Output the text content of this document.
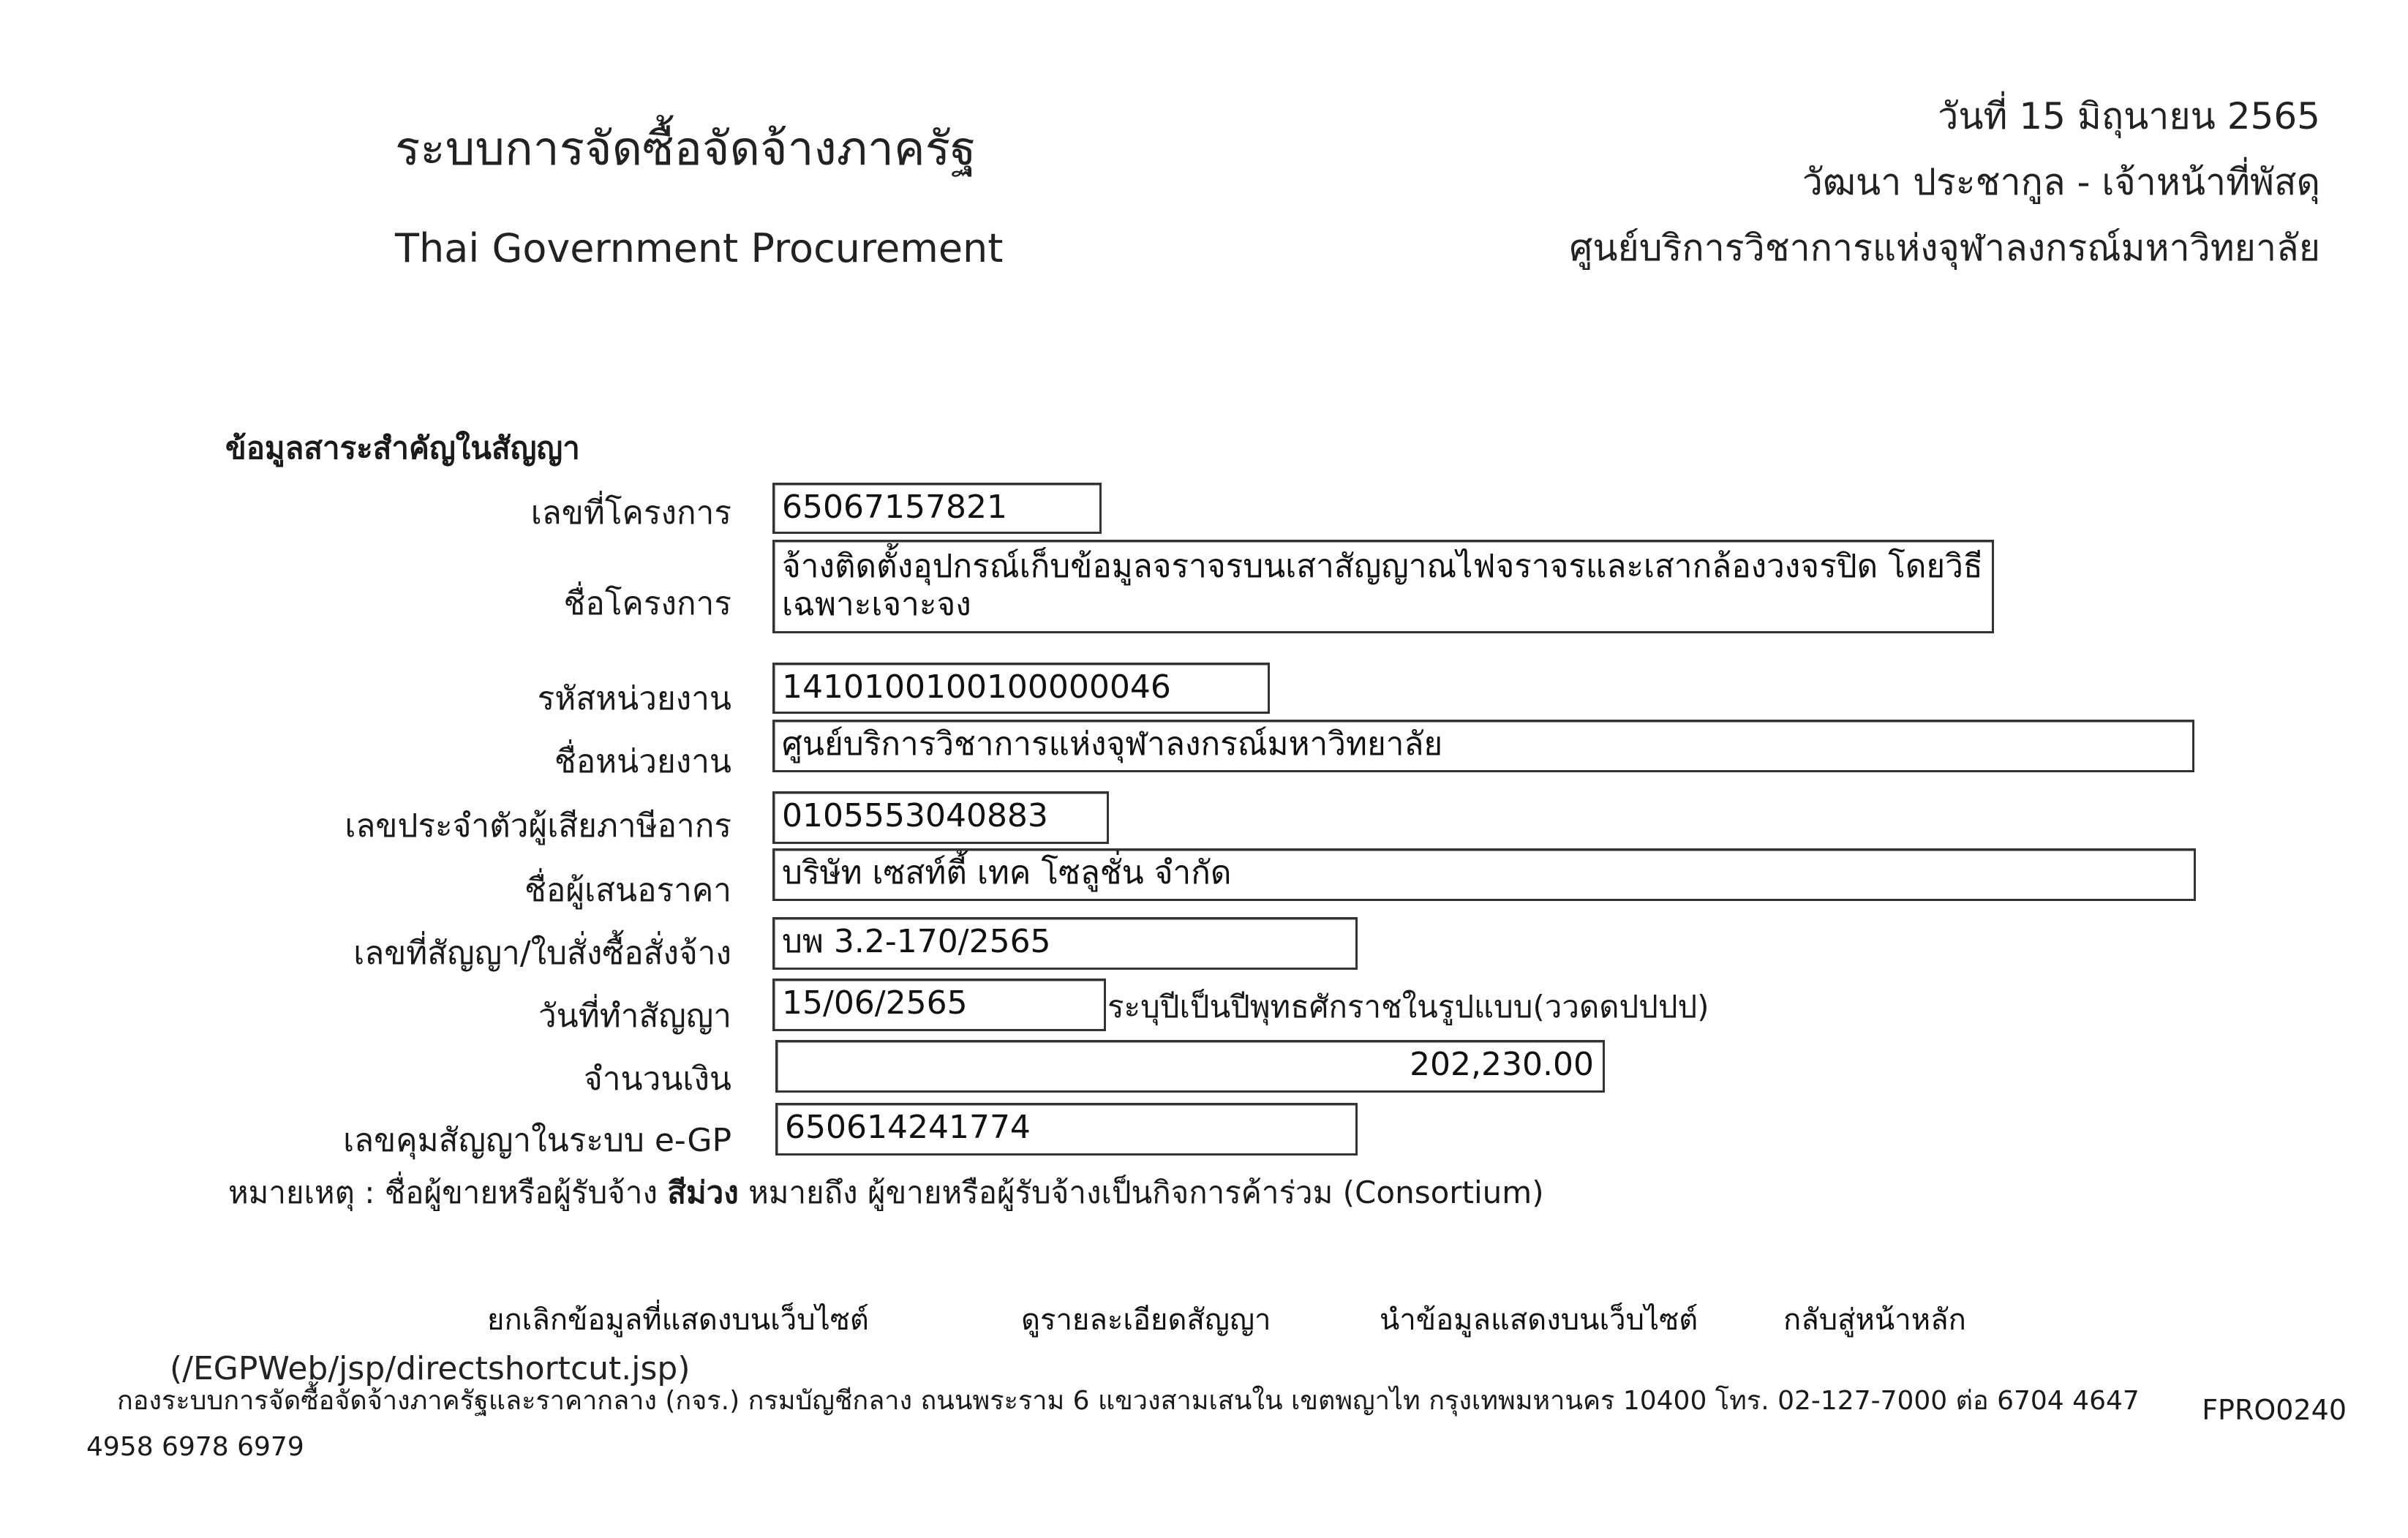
ระบบการจัดซื้อจัดจ้างภาครัฐ
Thai Government Procurement
วันที่ 15 มิถุนายน 2565
วัฒนา ประชากูล - เจ้าหน้าที่พัสดุ
ศูนย์บริการวิชาการแห่งจุฬาลงกรณ์มหาวิทยาลัย
ข้อมูลสาระสำคัญในสัญญา
เลขที่โครงการ 65067157821
ชื่อโครงการ
จ้างติดตั้งอุปกรณ์เก็บข้อมูลจราจรบนเสาสัญญาณไฟจราจรและเสากล้องวงจรปิด โดยวิธีเฉพาะเจาะจง
รหัสหน่วยงาน 1410100100100000046
ชื่อหน่วยงาน ศูนย์บริการวิชาการแห่งจุฬาลงกรณ์มหาวิทยาลัย
เลขประจำตัวผู้เสียภาษีอากร 0105553040883
ชื่อผู้เสนอราคา บริษัท เซสท์ตี้ เทค โซลูชั่น จำกัด
เลขที่สัญญา/ใบสั่งซื้อสั่งจ้าง บพ 3.2-170/2565
วันที่ทำสัญญา 15/06/2565	ระบุปีเป็นปีพุทธศักราชในรูปแบบ(ววดดปปปป)
จำนวนเงิน	202,230.00
เลขคุมสัญญาในระบบ e-GP 650614241774
หมายเหตุ : ชื่อผู้ขายหรือผู้รับจ้าง สีม่วง หมายถึง ผู้ขายหรือผู้รับจ้างเป็นกิจการค้าร่วม (Consortium)
ยกเลิกข้อมูลที่แสดงบนเว็บไซต์	ดูรายละเอียดสัญญา	นำข้อมูลแสดงบนเว็บไซต์	กลับสู่หน้าหลัก
(/EGPWeb/jsp/directshortcut.jsp)
กองระบบการจัดซื้อจัดจ้างภาครัฐและราคากลาง (กจร.) กรมบัญชีกลาง ถนนพระราม 6 แขวงสามเสนใน เขตพญาไท กรุงเทพมหานคร 10400 โทร. 02-127-7000 ต่อ 6704 4647
4958 6978 6979
FPRO0240
